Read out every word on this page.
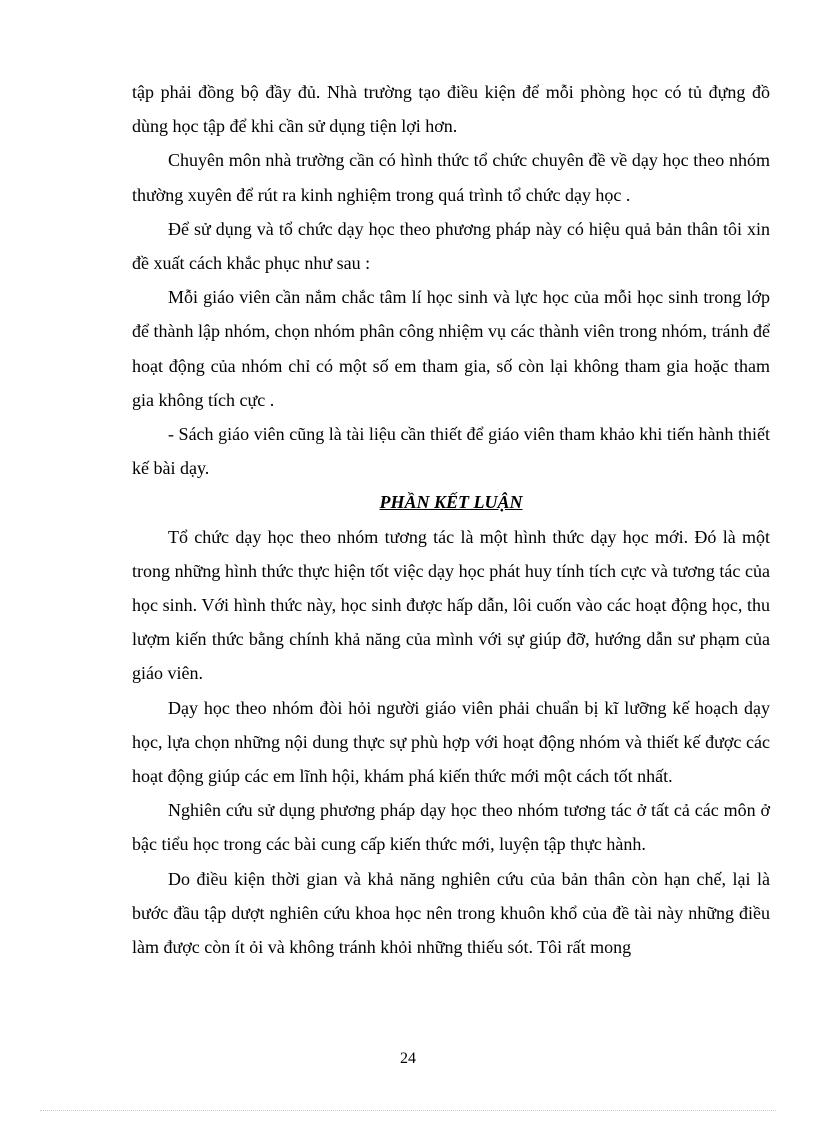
tập phải đồng bộ đầy đủ. Nhà trường tạo điều kiện để mỗi phòng học có tủ đựng đồ dùng học tập để khi cần sử dụng tiện lợi hơn.

Chuyên môn nhà trường cần có hình thức tổ chức chuyên đề về dạy học theo nhóm thường xuyên để rút ra kinh nghiệm trong quá trình tổ chức dạy học .

Để sử dụng và tổ chức dạy học theo phương pháp này có hiệu quả bản thân tôi xin đề xuất cách khắc phục như sau :

Mỗi giáo viên cần nắm chắc tâm lí học sinh và lực học của mỗi học sinh trong lớp để thành lập nhóm, chọn nhóm phân công nhiệm vụ các thành viên trong nhóm, tránh để hoạt động của nhóm chỉ có một số em tham gia, số còn lại không tham gia hoặc tham gia không tích cực .

- Sách giáo viên cũng là tài liệu cần thiết để giáo viên tham khảo khi tiến hành thiết kế bài dạy.

PHẦN KẾT LUẬN

Tổ chức dạy học theo nhóm tương tác là một hình thức dạy học mới. Đó là một trong những hình thức thực hiện tốt việc dạy học phát huy tính tích cực và tương tác của học sinh. Với hình thức này, học sinh được hấp dẫn, lôi cuốn vào các hoạt động học, thu lượm kiến thức bằng chính khả năng của mình với sự giúp đỡ, hướng dẫn sư phạm của giáo viên.

Dạy học theo nhóm đòi hỏi người giáo viên phải chuẩn bị kĩ lưỡng kế hoạch dạy học, lựa chọn những nội dung thực sự phù hợp với hoạt động nhóm và thiết kế được các hoạt động giúp các em lĩnh hội, khám phá kiến thức mới một cách tốt nhất.

Nghiên cứu sử dụng phương pháp dạy học theo nhóm tương tác ở tất cả các môn ở bậc tiểu học trong các bài cung cấp kiến thức mới, luyện tập thực hành.

Do điều kiện thời gian và khả năng nghiên cứu của bản thân còn hạn chế, lại là bước đầu tập dượt nghiên cứu khoa học nên trong khuôn khổ của đề tài này những điều làm được còn ít ỏi và không tránh khỏi những thiếu sót. Tôi rất mong

24
